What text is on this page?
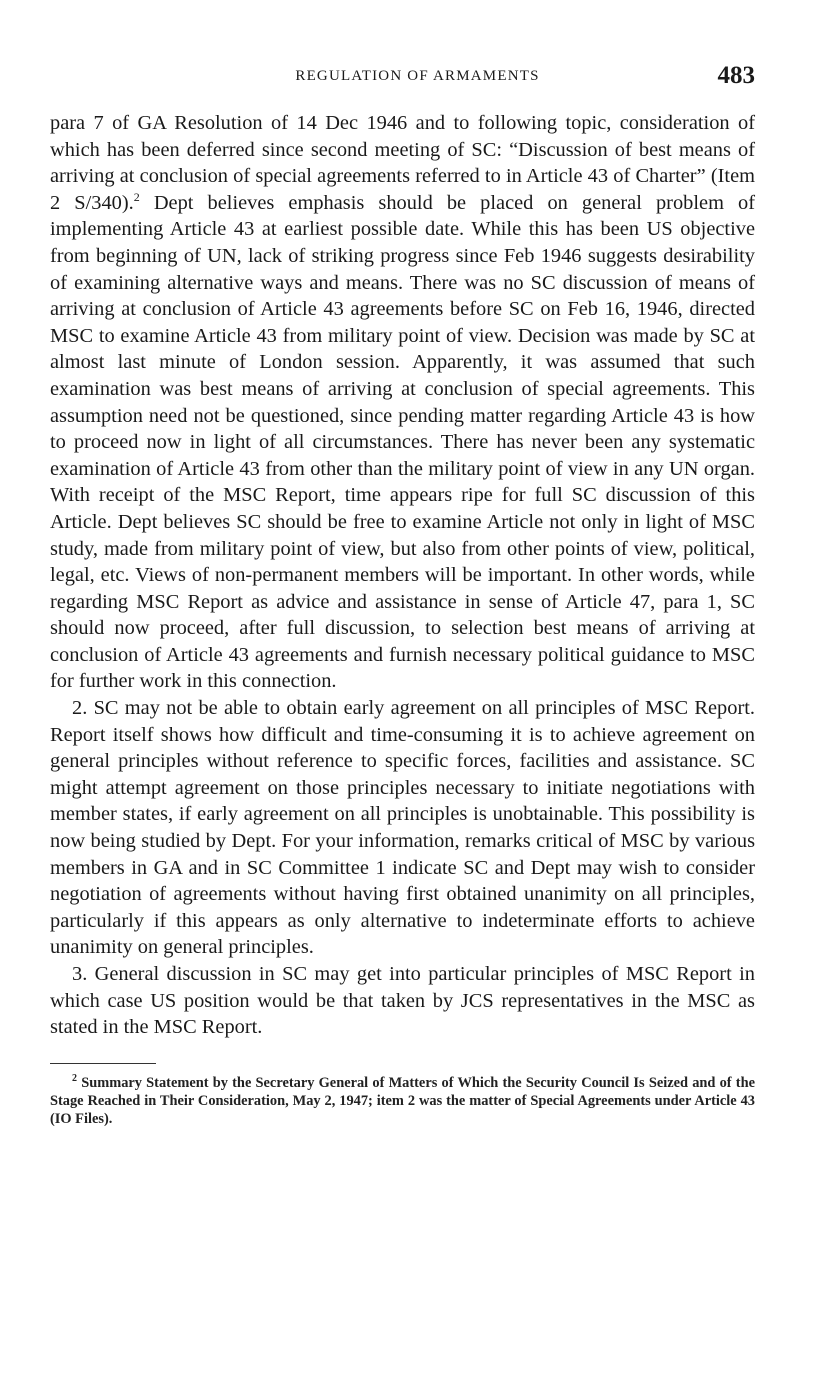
REGULATION OF ARMAMENTS	483

para 7 of GA Resolution of 14 Dec 1946 and to following topic, consideration of which has been deferred since second meeting of SC: “Discussion of best means of arriving at conclusion of special agreements referred to in Article 43 of Charter” (Item 2 S/340).$^2$ Dept believes emphasis should be placed on general problem of implementing Article 43 at earliest possible date. While this has been US objective from beginning of UN, lack of striking progress since Feb 1946 suggests desirability of examining alternative ways and means. There was no SC discussion of means of arriving at conclusion of Article 43 agreements before SC on Feb 16, 1946, directed MSC to examine Article 43 from military point of view. Decision was made by SC at almost last minute of London session. Apparently, it was assumed that such examination was best means of arriving at conclusion of special agreements. This assumption need not be questioned, since pending matter regarding Article 43 is how to proceed now in light of all circumstances. There has never been any systematic examination of Article 43 from other than the military point of view in any UN organ. With receipt of the MSC Report, time appears ripe for full SC discussion of this Article. Dept believes SC should be free to examine Article not only in light of MSC study, made from military point of view, but also from other points of view, political, legal, etc. Views of non-permanent members will be important. In other words, while regarding MSC Report as advice and assistance in sense of Article 47, para 1, SC should now proceed, after full discussion, to selection best means of arriving at conclusion of Article 43 agreements and furnish necessary political guidance to MSC for further work in this connection.

2. SC may not be able to obtain early agreement on all principles of MSC Report. Report itself shows how difficult and time-consuming it is to achieve agreement on general principles without reference to specific forces, facilities and assistance. SC might attempt agreement on those principles necessary to initiate negotiations with member states, if early agreement on all principles is unobtainable. This possibility is now being studied by Dept. For your information, remarks critical of MSC by various members in GA and in SC Committee 1 indicate SC and Dept may wish to consider negotiation of agreements without having first obtained unanimity on all principles, particularly if this appears as only alternative to indeterminate efforts to achieve unanimity on general principles.

3. General discussion in SC may get into particular principles of MSC Report in which case US position would be that taken by JCS representatives in the MSC as stated in the MSC Report.

$^2$ Summary Statement by the Secretary General of Matters of Which the Security Council Is Seized and of the Stage Reached in Their Consideration, May 2, 1947; item 2 was the matter of Special Agreements under Article 43 (IO Files).
